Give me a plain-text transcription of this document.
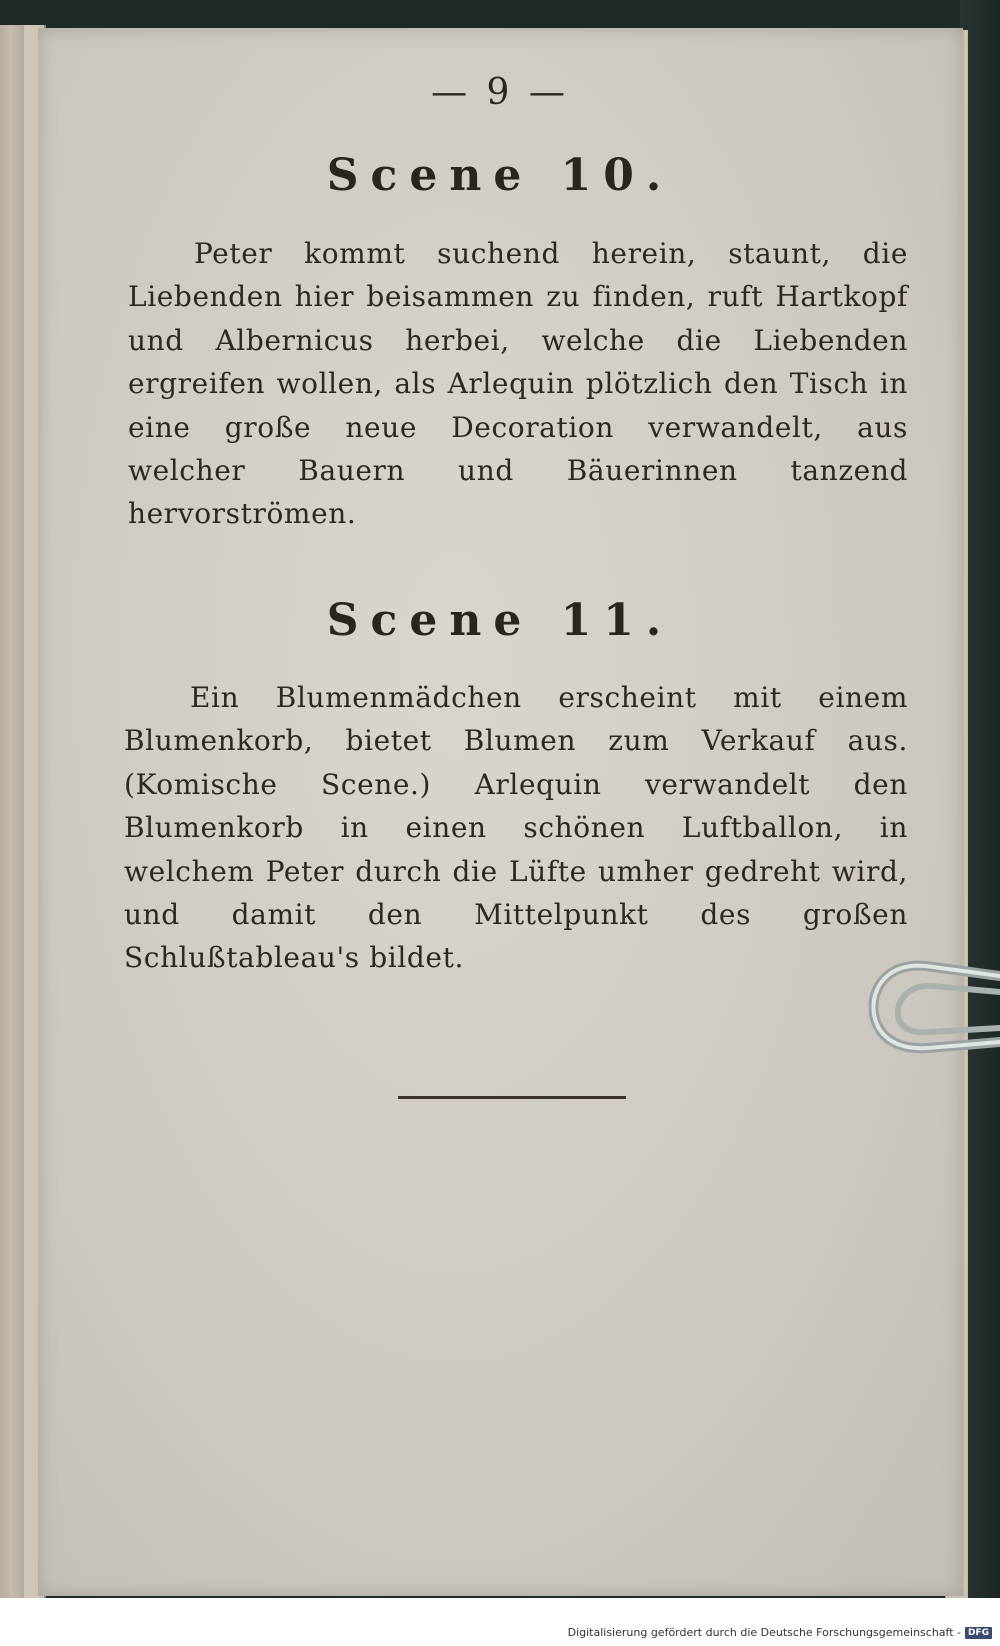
— 9 —
Scene 10.
Peter kommt suchend herein, staunt, die Liebenden hier beisammen zu finden, ruft Hartkopf und Albernicus herbei, welche die Liebenden ergreifen wollen, als Arlequin plötzlich den Tisch in eine große neue Decoration verwandelt, aus welcher Bauern und Bäuerinnen tanzend hervorströmen.
Scene 11.
Ein Blumenmädchen erscheint mit einem Blumenkorb, bietet Blumen zum Verkauf aus. (Komische Scene.) Arlequin verwandelt den Blumenkorb in einen schönen Luftballon, in welchem Peter durch die Lüfte umher gedreht wird, und damit den Mittelpunkt des großen Schlußtableau's bildet.
Digitalisierung gefördert durch die Deutsche Forschungsgemeinschaft - DFG
